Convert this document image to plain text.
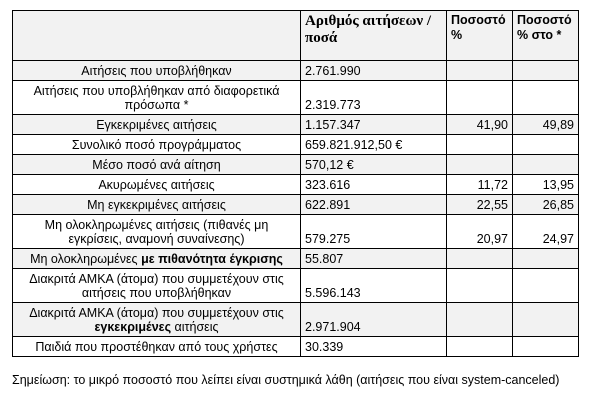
	Αριθμός αιτήσεων /ποσά	Ποσοστό %	Ποσοστό % στο *
Αιτήσεις που υποβλήθηκαν	2.761.990		
Αιτήσεις που υποβλήθηκαν από διαφορετικά πρόσωπα *	2.319.773		
Εγκεκριμένες αιτήσεις	1.157.347	41,90	49,89
Συνολικό ποσό προγράμματος	659.821.912,50 €		
Μέσο ποσό ανά αίτηση	570,12 €		
Ακυρωμένες αιτήσεις	323.616	11,72	13,95
Μη εγκεκριμένες αιτήσεις	622.891	22,55	26,85
Μη ολοκληρωμένες αιτήσεις (πιθανές μη εγκρίσεις, αναμονή συναίνεσης)	579.275	20,97	24,97
Μη ολοκληρωμένες με πιθανότητα έγκρισης	55.807		
Διακριτά ΑΜΚΑ (άτομα) που συμμετέχουν στις αιτήσεις που υποβλήθηκαν	5.596.143		
Διακριτά ΑΜΚΑ (άτομα) που συμμετέχουν στις εγκεκριμένες αιτήσεις	2.971.904		
Παιδιά που προστέθηκαν από τους χρήστες	30.339		
Σημείωση: το μικρό ποσοστό που λείπει είναι συστημικά λάθη (αιτήσεις που είναι system-canceled)
